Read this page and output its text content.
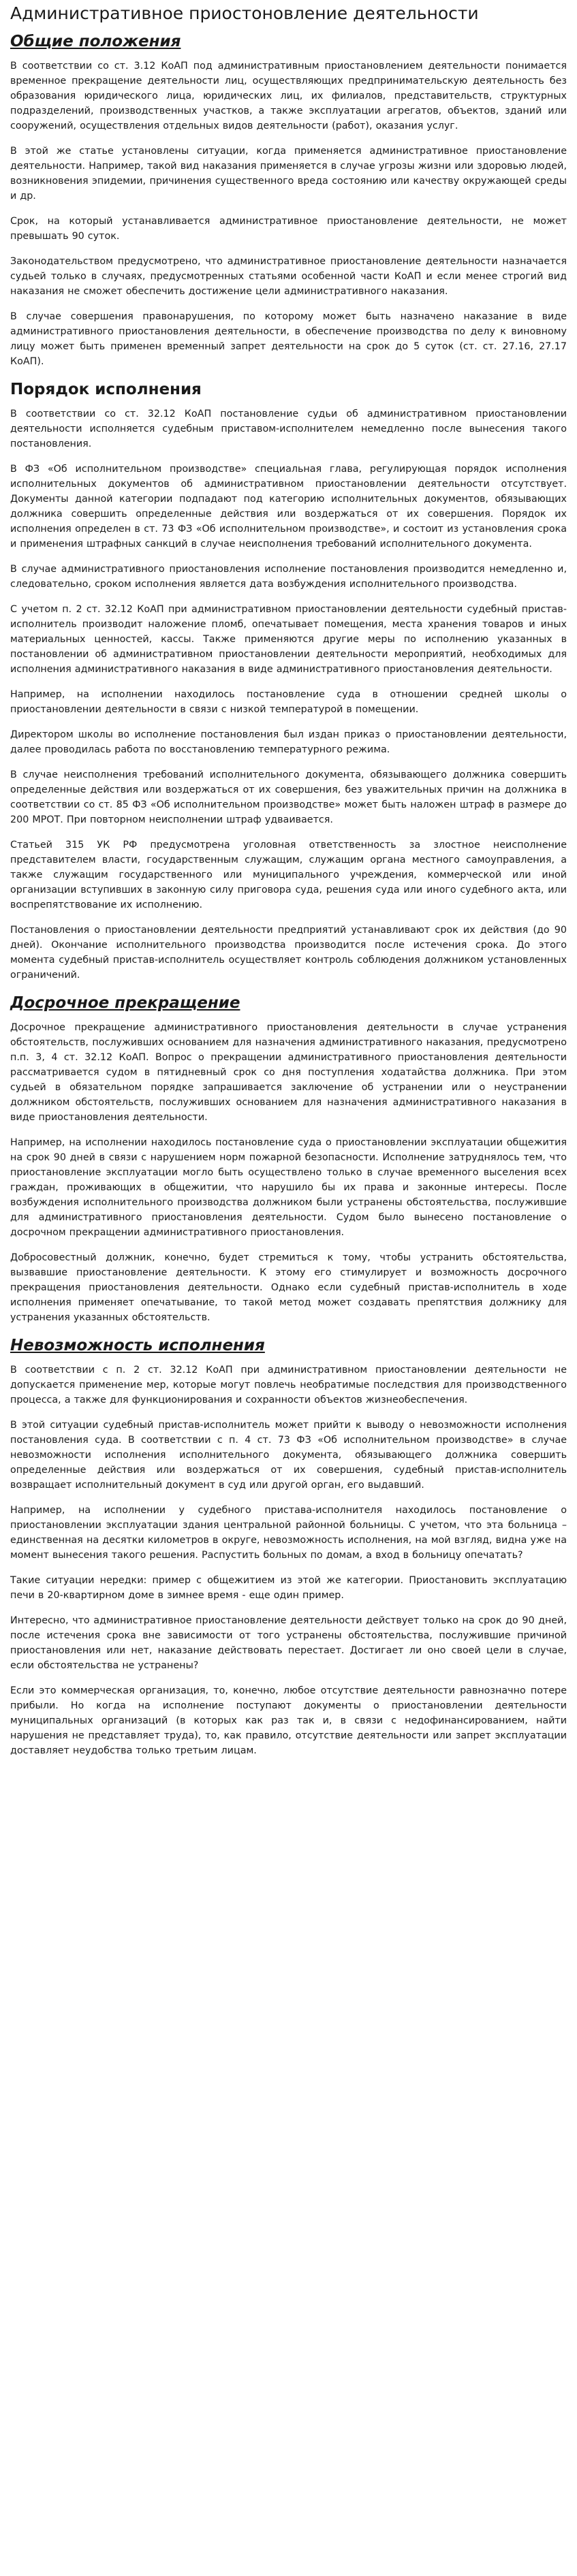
Административное приостоновление деятельности
Общие положения

В соответствии со ст. 3.12 КоАП под административным приостановлением деятельности понимается временное прекращение деятельности лиц, осуществляющих предпринимательскую деятельность без образования юридического лица, юридических лиц, их филиалов, представительств, структурных подразделений, производственных участков, а также эксплуатации агрегатов, объектов, зданий или сооружений, осуществления отдельных видов деятельности (работ), оказания услуг.

В этой же статье установлены ситуации, когда применяется административное приостановление деятельности. Например, такой вид наказания применяется в случае угрозы жизни или здоровью людей, возникновения эпидемии, причинения существенного вреда состоянию или качеству окружающей среды и др.

Срок, на который устанавливается административное приостановление деятельности, не может превышать 90 суток.

Законодательством предусмотрено, что административное приостановление деятельности назначается судьей только в случаях, предусмотренных статьями особенной части КоАП и если менее строгий вид наказания не сможет обеспечить достижение цели административного наказания.

В случае совершения правонарушения, по которому может быть назначено наказание в виде административного приостановления деятельности, в обеспечение производства по делу к виновному лицу может быть применен временный запрет деятельности на срок до 5 суток (ст. ст. 27.16, 27.17 КоАП).

Порядок исполнения

В соответствии со ст. 32.12 КоАП постановление судьи об административном приостановлении деятельности исполняется судебным приставом-исполнителем немедленно после вынесения такого постановления.

В ФЗ «Об исполнительном производстве» специальная глава, регулирующая порядок исполнения исполнительных документов об административном приостановлении деятельности отсутствует. Документы данной категории подпадают под категорию исполнительных документов, обязывающих должника совершить определенные действия или воздержаться от их совершения. Порядок их исполнения определен в ст. 73 ФЗ «Об исполнительном производстве», и состоит из установления срока и применения штрафных санкций в случае неисполнения требований исполнительного документа.

В случае административного приостановления исполнение постановления производится немедленно и, следовательно, сроком исполнения является дата возбуждения исполнительного производства.

С учетом п. 2 ст. 32.12 КоАП при административном приостановлении деятельности судебный пристав-исполнитель производит наложение пломб, опечатывает помещения, места хранения товаров и иных материальных ценностей, кассы. Также применяются другие меры по исполнению указанных в постановлении об административном приостановлении деятельности мероприятий, необходимых для исполнения административного наказания в виде административного приостановления деятельности.

Например, на исполнении находилось постановление суда в отношении средней школы о приостановлении деятельности в связи с низкой температурой в помещении.

Директором школы во исполнение постановления был издан приказ о приостановлении деятельности, далее проводилась работа по восстановлению температурного режима.

В случае неисполнения требований исполнительного документа, обязывающего должника совершить определенные действия или воздержаться от их совершения, без уважительных причин на должника в соответствии со ст. 85 ФЗ «Об исполнительном производстве» может быть наложен штраф в размере до 200 МРОТ. При повторном неисполнении штраф удваивается.

Статьей 315 УК РФ предусмотрена уголовная ответственность за злостное неисполнение представителем власти, государственным служащим, служащим органа местного самоуправления, а также служащим государственного или муниципального учреждения, коммерческой или иной организации вступивших в законную силу приговора суда, решения суда или иного судебного акта, или воспрепятствование их исполнению.

Постановления о приостановлении деятельности предприятий устанавливают срок их действия (до 90 дней). Окончание исполнительного производства производится после истечения срока. До этого момента судебный пристав-исполнитель осуществляет контроль соблюдения должником установленных ограничений.

Досрочное прекращение

Досрочное прекращение административного приостановления деятельности в случае устранения обстоятельств, послуживших основанием для назначения административного наказания, предусмотрено п.п. 3, 4 ст. 32.12 КоАП. Вопрос о прекращении административного приостановления деятельности рассматривается судом в пятидневный срок со дня поступления ходатайства должника. При этом судьей в обязательном порядке запрашивается заключение об устранении или о неустранении должником обстоятельств, послуживших основанием для назначения административного наказания в виде приостановления деятельности.

Например, на исполнении находилось постановление суда о приостановлении эксплуатации общежития на срок 90 дней в связи с нарушением норм пожарной безопасности. Исполнение затруднялось тем, что приостановление эксплуатации могло быть осуществлено только в случае временного выселения всех граждан, проживающих в общежитии, что нарушило бы их права и законные интересы. После возбуждения исполнительного производства должником были устранены обстоятельства, послужившие для административного приостановления деятельности. Судом было вынесено постановление о досрочном прекращении административного приостановления.

Добросовестный должник, конечно, будет стремиться к тому, чтобы устранить обстоятельства, вызвавшие приостановление деятельности. К этому его стимулирует и возможность досрочного прекращения приостановления деятельности. Однако если судебный пристав-исполнитель в ходе исполнения применяет опечатывание, то такой метод может создавать препятствия должнику для устранения указанных обстоятельств.

Невозможность исполнения

В соответствии с п. 2 ст. 32.12 КоАП при административном приостановлении деятельности не допускается применение мер, которые могут повлечь необратимые последствия для производственного процесса, а также для функционирования и сохранности объектов жизнеобеспечения.

В этой ситуации судебный пристав-исполнитель может прийти к выводу о невозможности исполнения постановления суда. В соответствии с п. 4 ст. 73 ФЗ «Об исполнительном производстве» в случае невозможности исполнения исполнительного документа, обязывающего должника совершить определенные действия или воздержаться от их совершения, судебный пристав-исполнитель возвращает исполнительный документ в суд или другой орган, его выдавший.

Например, на исполнении у судебного пристава-исполнителя находилось постановление о приостановлении эксплуатации здания центральной районной больницы. С учетом, что эта больница – единственная на десятки километров в округе, невозможность исполнения, на мой взгляд, видна уже на момент вынесения такого решения. Распустить больных по домам, а вход в больницу опечатать?

Такие ситуации нередки: пример с общежитием из этой же категории. Приостановить эксплуатацию печи в 20-квартирном доме в зимнее время - еще один пример.

Интересно, что административное приостановление деятельности действует только на срок до 90 дней, после истечения срока вне зависимости от того устранены обстоятельства, послужившие причиной приостановления или нет, наказание действовать перестает. Достигает ли оно своей цели в случае, если обстоятельства не устранены?

Если это коммерческая организация, то, конечно, любое отсутствие деятельности равнозначно потере прибыли. Но когда на исполнение поступают документы о приостановлении деятельности муниципальных организаций (в которых как раз так и, в связи с недофинансированием, найти нарушения не представляет труда), то, как правило, отсутствие деятельности или запрет эксплуатации доставляет неудобства только третьим лицам.
